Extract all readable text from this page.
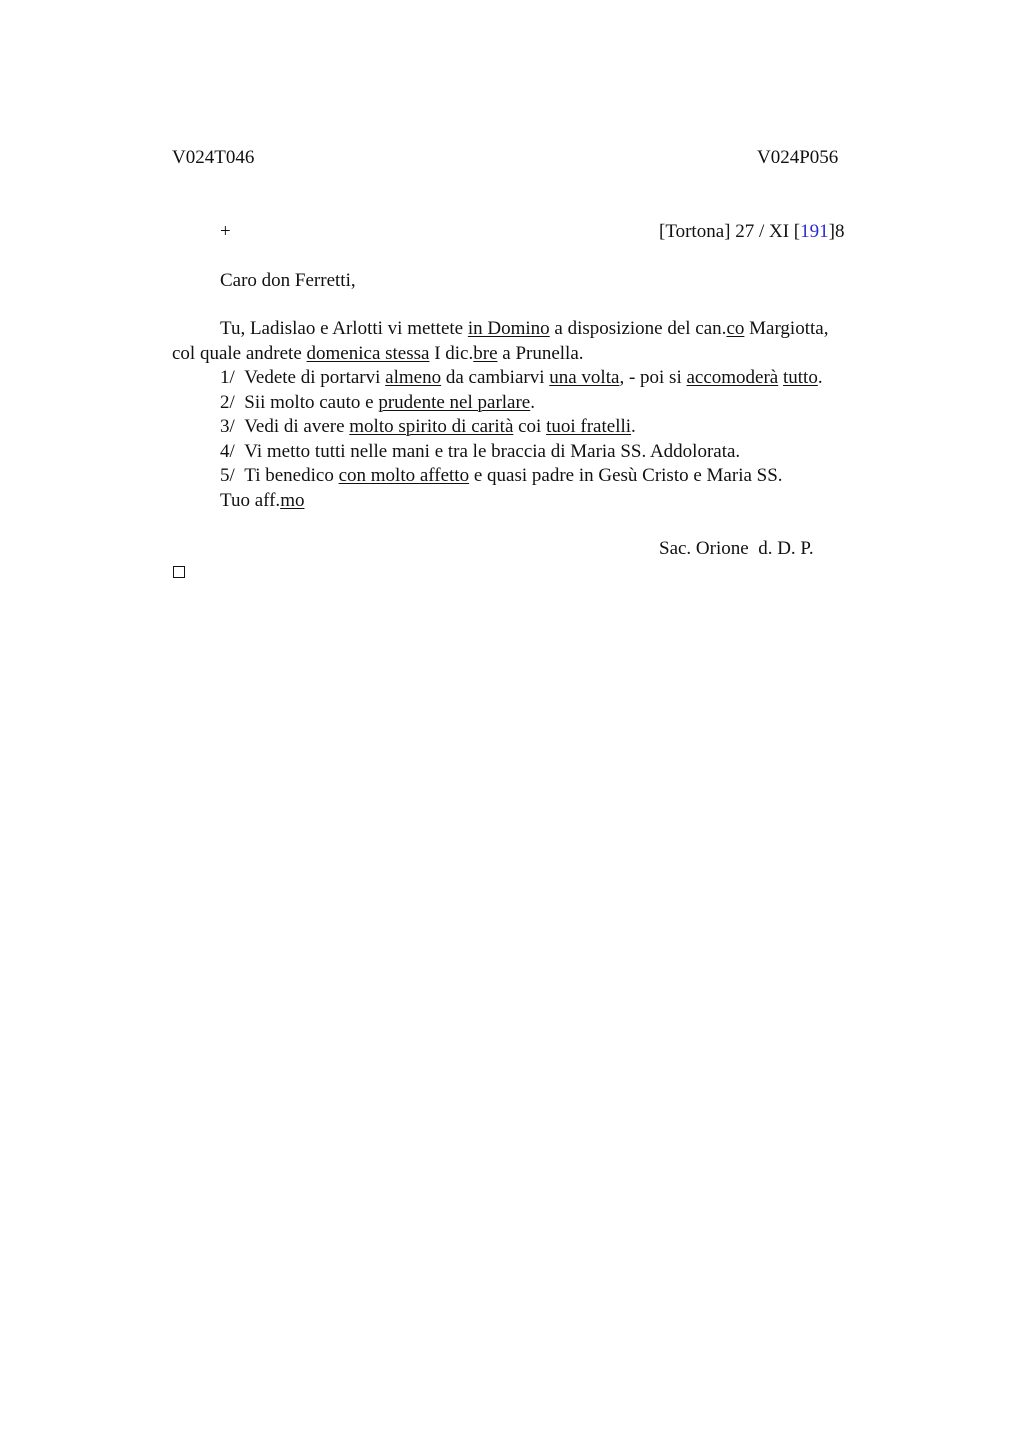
V024T046	V024P056
+	[Tortona] 27 / XI [191]8
Caro don Ferretti,
Tu, Ladislao e Arlotti vi mettete in Domino a disposizione del can.co Margiotta,
col quale andrete domenica stessa I dic.bre a Prunella.
1/ Vedete di portarvi almeno da cambiarvi una volta, - poi si accomoderà tutto.
2/ Sii molto cauto e prudente nel parlare.
3/ Vedi di avere molto spirito di carità coi tuoi fratelli.
4/ Vi metto tutti nelle mani e tra le braccia di Maria SS. Addolorata.
5/ Ti benedico con molto affetto e quasi padre in Gesù Cristo e Maria SS.
Tuo aff.mo
Sac. Orione  d. D. P.
